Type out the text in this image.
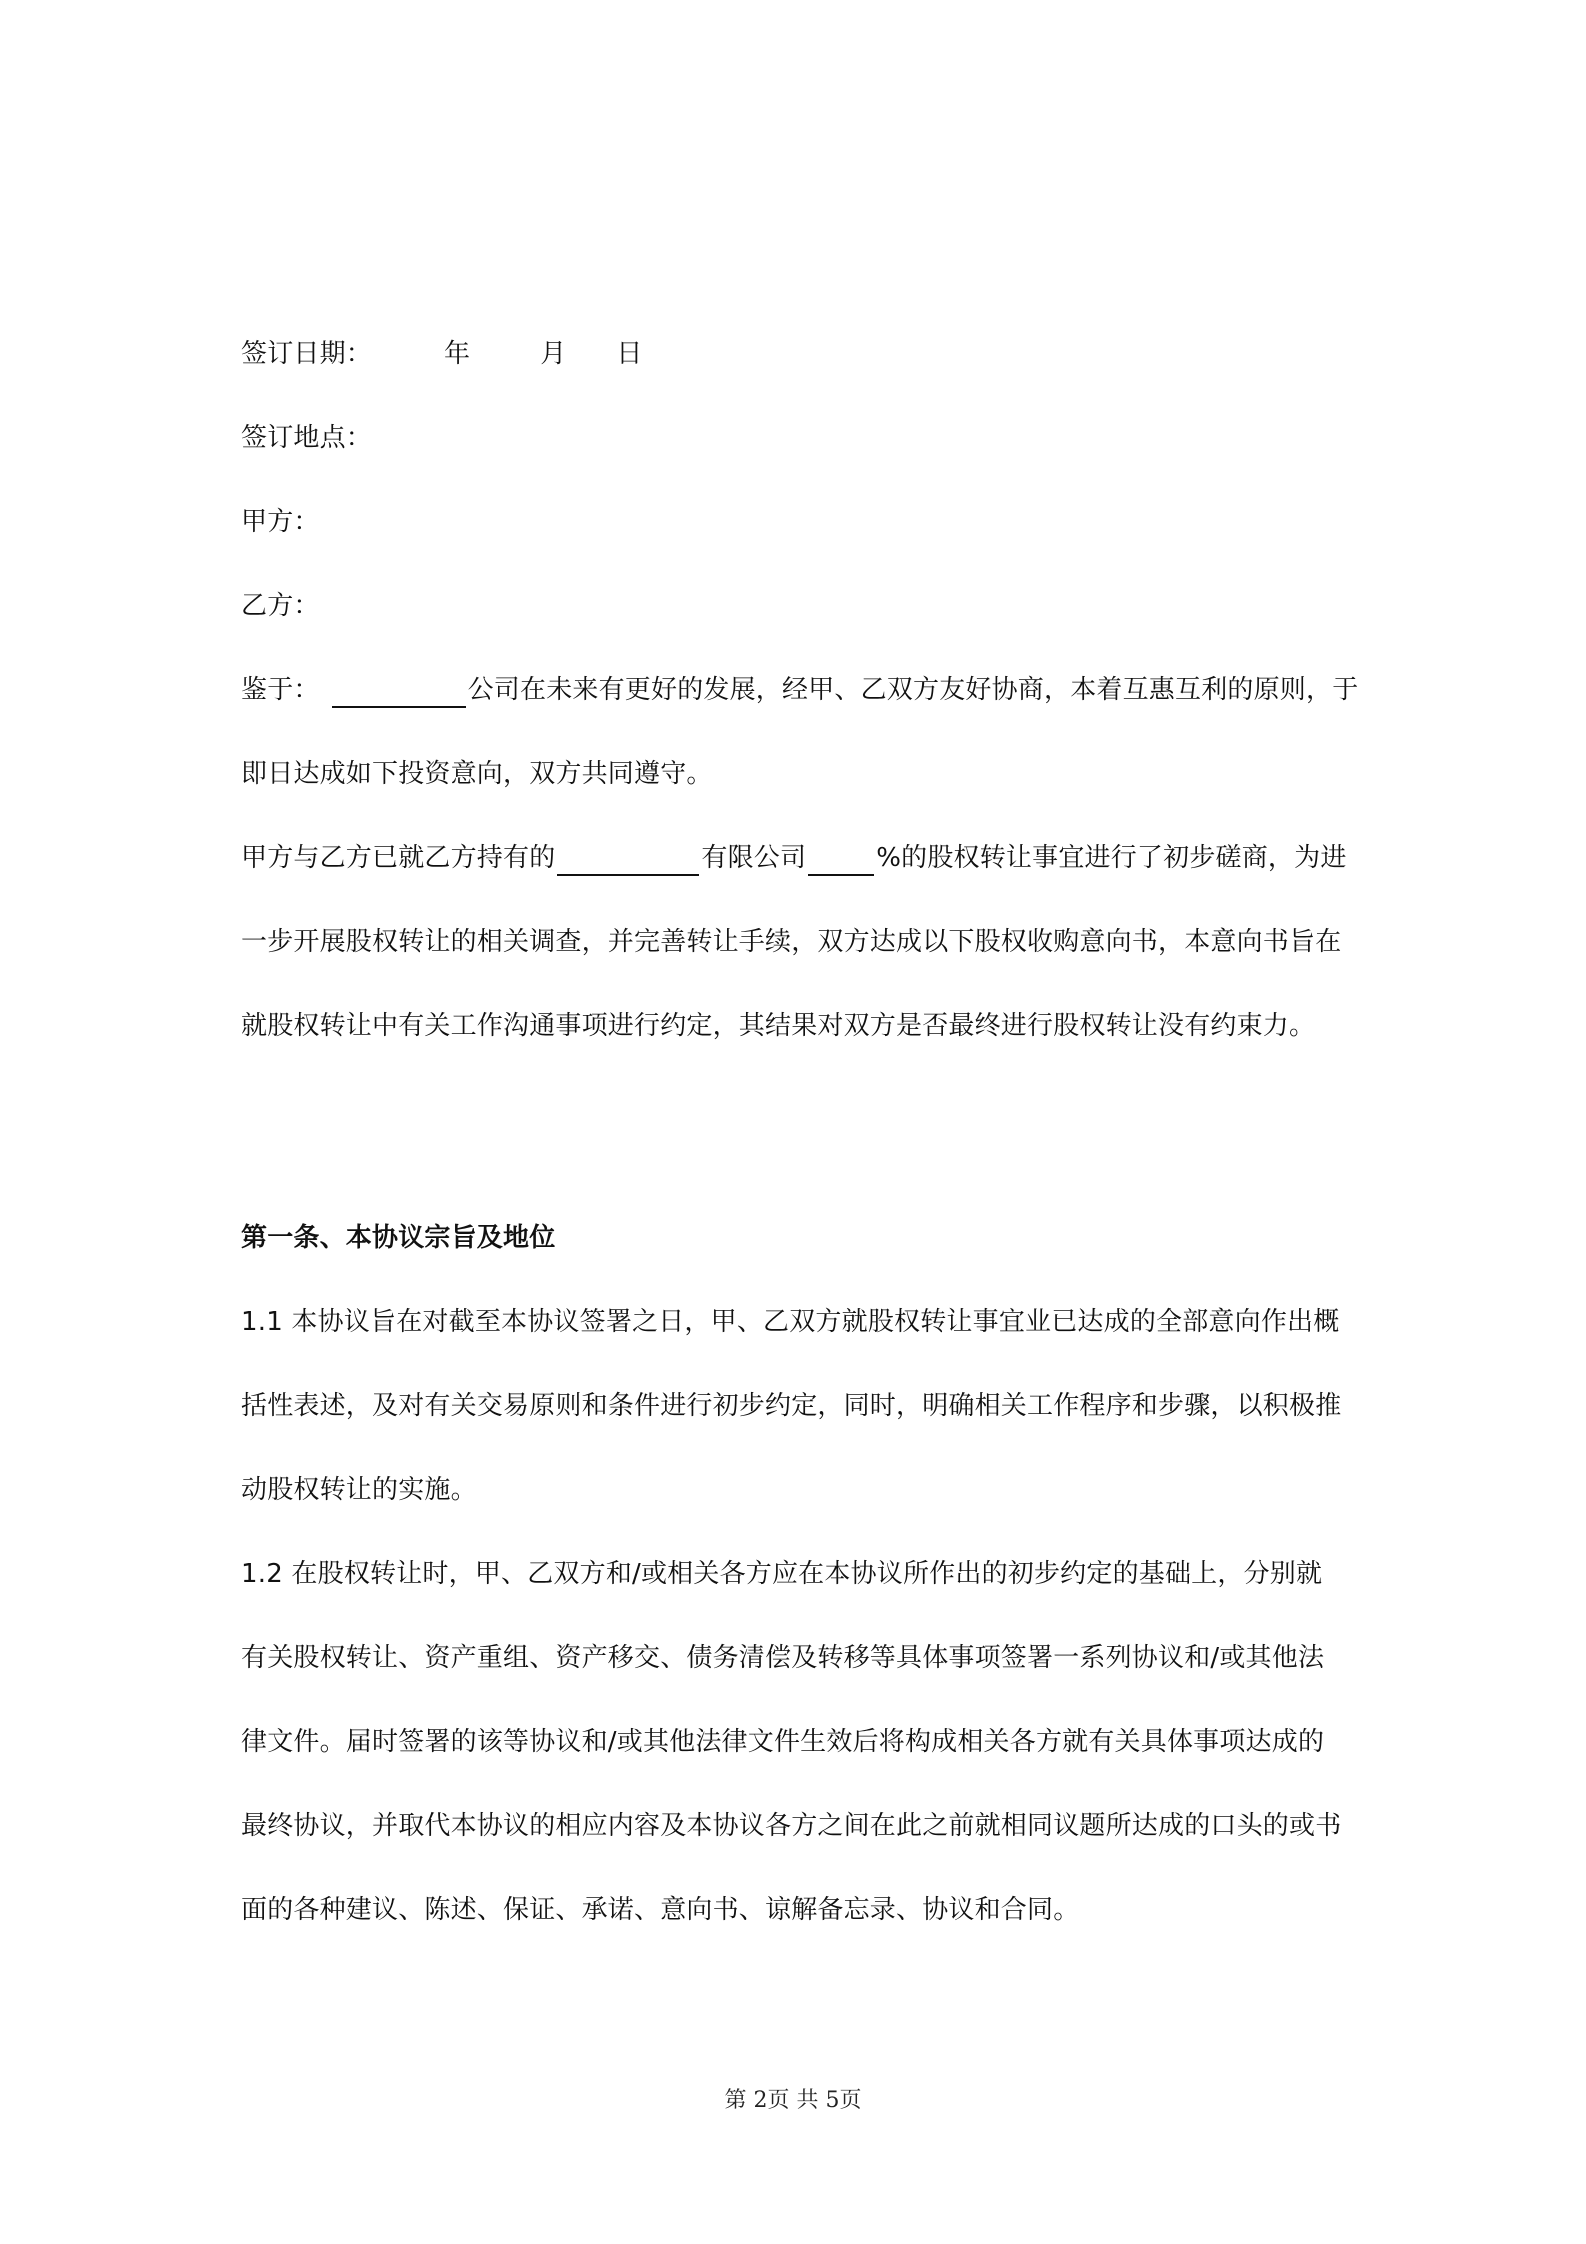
签订日期：	年	月 日
签订地点：
甲方：
乙方：
鉴于：	公司在未来有更好的发展，经甲、乙双方友好协商，本着互惠互利的原则，于
即日达成如下投资意向，双方共同遵守。
甲方与乙方已就乙方持有的	有限公司	%的股权转让事宜进行了初步磋商，为进
一步开展股权转让的相关调查，并完善转让手续，双方达成以下股权收购意向书，本意向书旨在
就股权转让中有关工作沟通事项进行约定，其结果对双方是否最终进行股权转让没有约束力。
第一条、本协议宗旨及地位
1.1 本协议旨在对截至本协议签署之日，甲、乙双方就股权转让事宜业已达成的全部意向作出概
括性表述，及对有关交易原则和条件进行初步约定，同时，明确相关工作程序和步骤，以积极推
动股权转让的实施。
1.2 在股权转让时，甲、乙双方和/或相关各方应在本协议所作出的初步约定的基础上，分别就
有关股权转让、资产重组、资产移交、债务清偿及转移等具体事项签署一系列协议和/或其他法
律文件。届时签署的该等协议和/或其他法律文件生效后将构成相关各方就有关具体事项达成的
最终协议，并取代本协议的相应内容及本协议各方之间在此之前就相同议题所达成的口头的或书
面的各种建议、陈述、保证、承诺、意向书、谅解备忘录、协议和合同。
第 2页 共 5页
